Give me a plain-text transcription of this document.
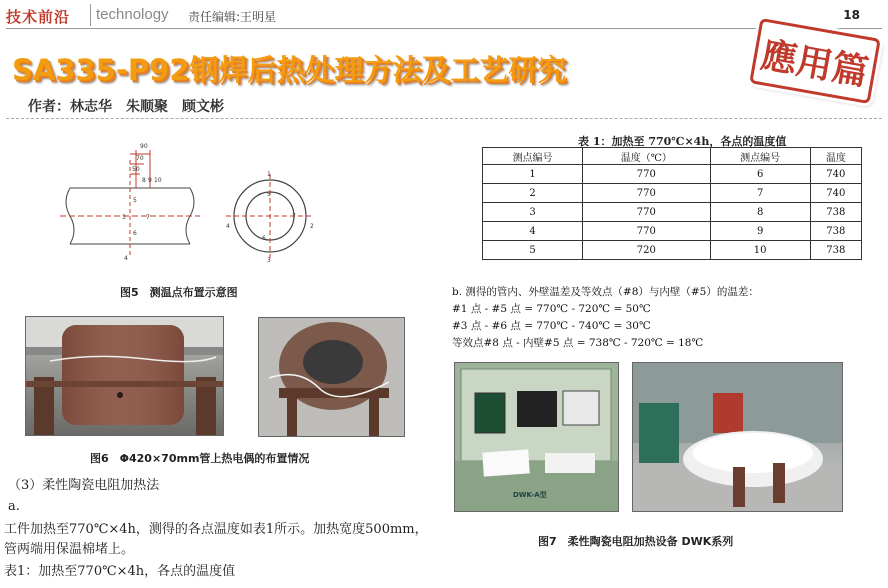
技术前沿 technology 责任编辑:王明星	18
SA335-P92钢焊后热处理方法及工艺研究	應用篇
作者：林志华　朱顺聚　顾文彬
90
70
50
8 9 10
5
3	7
6
4
1
5
7
2
4
6
3
图5　测温点布置示意图
图6　Φ420×70mm管上热电偶的布置情况
（3）柔性陶瓷电阻加热法
a.
工件加热至770℃×4h，测得的各点温度如表1所示。加热宽度500mm，
管两端用保温棉堵上。
表1：加热至770℃×4h，各点的温度值
表 1：加热至 770℃×4h，各点的温度值
测点编号	温度（℃）	测点编号	温度
1	770	6	740
2	770	7	740
3	770	8	738
4	770	9	738
5	720	10	738
b. 测得的管内、外壁温差及等效点（#8）与内壁（#5）的温差：
#1 点 - #5 点 = 770℃ - 720℃ = 50℃
#3 点 - #6 点 = 770℃ - 740℃ = 30℃
等效点#8 点 - 内壁#5 点 = 738℃ - 720℃ = 18℃
DWK-A型
图7　柔性陶瓷电阻加热设备 DWK系列
